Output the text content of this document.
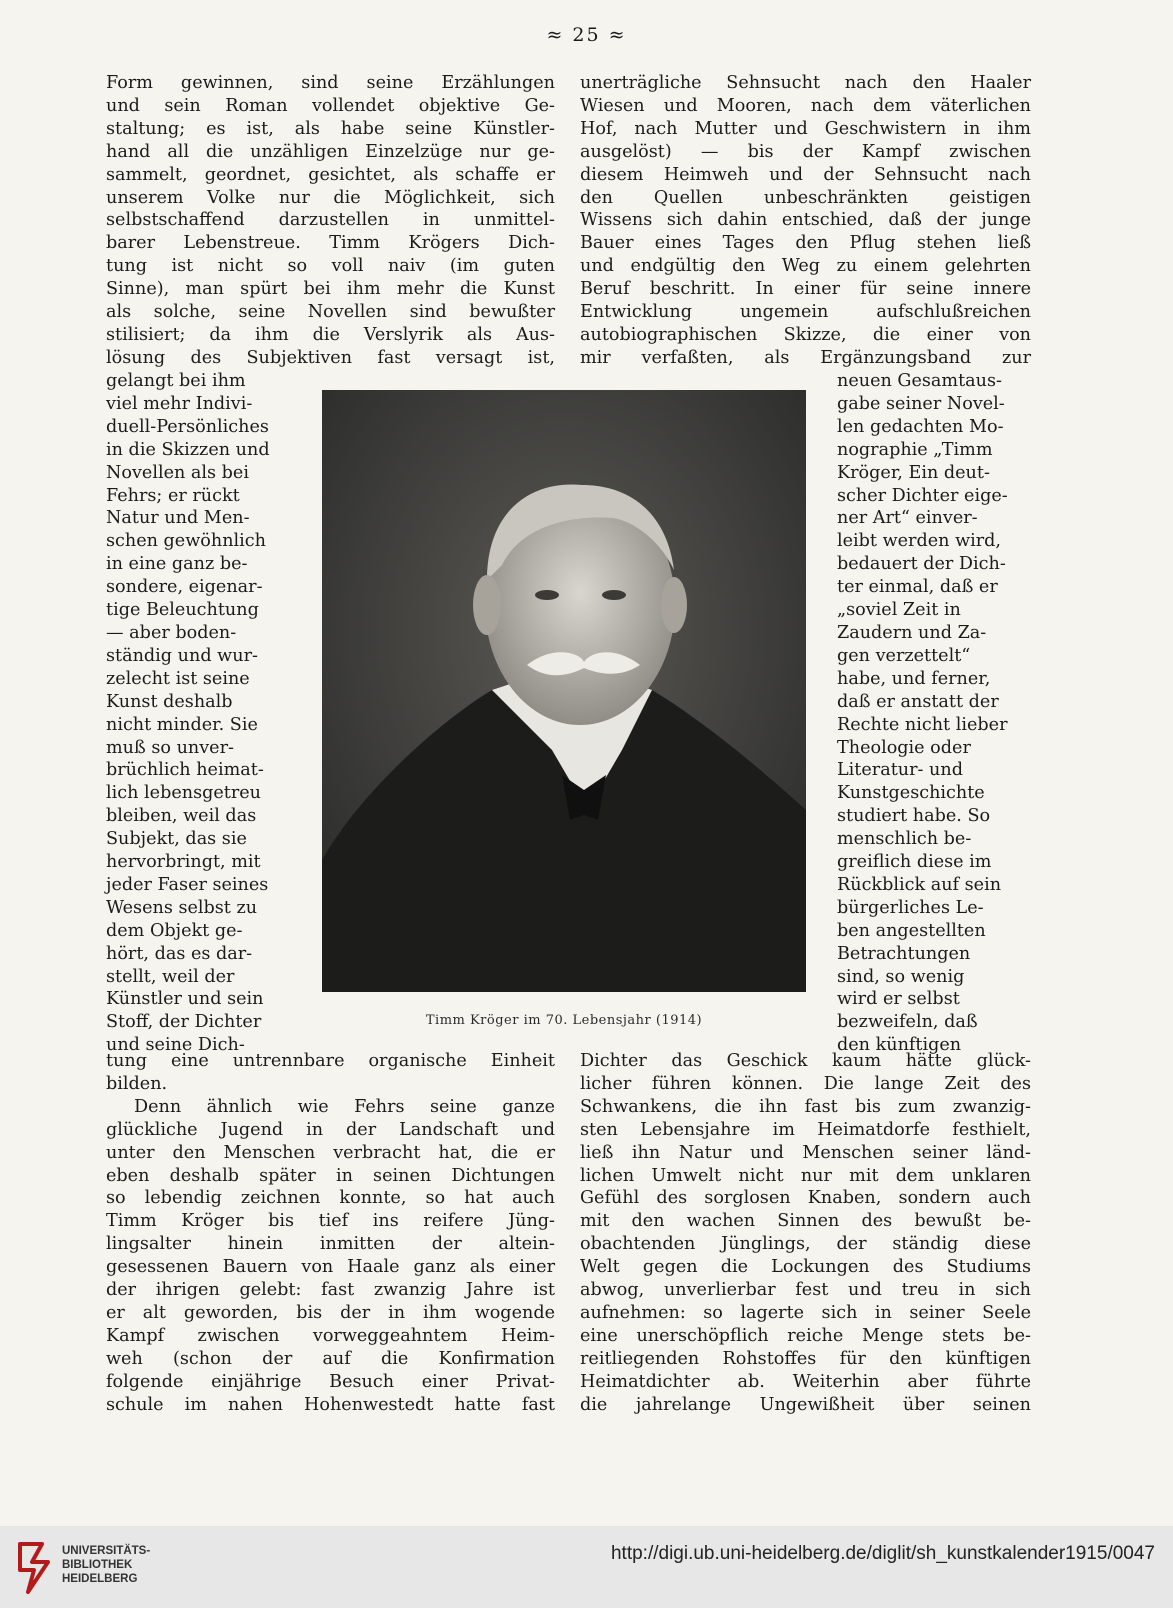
≈ 25 ≈

Form gewinnen, sind seine Erzählungen

und sein Roman vollendet objektive Ge-

staltung; es ist, als habe seine Künstler-

hand all die unzähligen Einzelzüge nur ge-

sammelt, geordnet, gesichtet, als schaffe er

unserem Volke nur die Möglichkeit, sich

selbstschaffend darzustellen in unmittel-

barer Lebenstreue. Timm Krögers Dich-

tung ist nicht so voll naiv (im guten

Sinne), man spürt bei ihm mehr die Kunst

als solche, seine Novellen sind bewußter

stilisiert; da ihm die Verslyrik als Aus-

lösung des Subjektiven fast versagt ist,

unerträgliche Sehnsucht nach den Haaler

Wiesen und Mooren, nach dem väterlichen

Hof, nach Mutter und Geschwistern in ihm

ausgelöst) — bis der Kampf zwischen

diesem Heimweh und der Sehnsucht nach

den Quellen unbeschränkten geistigen

Wissens sich dahin entschied, daß der junge

Bauer eines Tages den Pflug stehen ließ

und endgültig den Weg zu einem gelehrten

Beruf beschritt. In einer für seine innere

Entwicklung ungemein aufschlußreichen

autobiographischen Skizze, die einer von

mir verfaßten, als Ergänzungsband zur

gelangt bei ihm

viel mehr Indivi-

duell-Persönliches

in die Skizzen und

Novellen als bei

Fehrs; er rückt

Natur und Men-

schen gewöhnlich

in eine ganz be-

sondere, eigenar-

tige Beleuchtung

— aber boden-

ständig und wur-

zelecht ist seine

Kunst deshalb

nicht minder. Sie

muß so unver-

brüchlich heimat-

lich lebensgetreu

bleiben, weil das

Subjekt, das sie

hervorbringt, mit

jeder Faser seines

Wesens selbst zu

dem Objekt ge-

hört, das es dar-

stellt, weil der

Künstler und sein

Stoff, der Dichter

und seine Dich-

neuen Gesamtaus-

gabe seiner Novel-

len gedachten Mo-

nographie „Timm

Kröger, Ein deut-

scher Dichter eige-

ner Art“ einver-

leibt werden wird,

bedauert der Dich-

ter einmal, daß er

„soviel Zeit in

Zaudern und Za-

gen verzettelt“

habe, und ferner,

daß er anstatt der

Rechte nicht lieber

Theologie oder

Literatur- und

Kunstgeschichte

studiert habe. So

menschlich be-

greiflich diese im

Rückblick auf sein

bürgerliches Le-

ben angestellten

Betrachtungen

sind, so wenig

wird er selbst

bezweifeln, daß

den künftigen

tung eine untrennbare organische Einheit

bilden.

Denn ähnlich wie Fehrs seine ganze

glückliche Jugend in der Landschaft und

unter den Menschen verbracht hat, die er

eben deshalb später in seinen Dichtungen

so lebendig zeichnen konnte, so hat auch

Timm Kröger bis tief ins reifere Jüng-

lingsalter hinein inmitten der altein-

gesessenen Bauern von Haale ganz als einer

der ihrigen gelebt: fast zwanzig Jahre ist

er alt geworden, bis der in ihm wogende

Kampf zwischen vorweggeahntem Heim-

weh (schon der auf die Konfirmation

folgende einjährige Besuch einer Privat-

schule im nahen Hohenwestedt hatte fast

Dichter das Geschick kaum hätte glück-

licher führen können. Die lange Zeit des

Schwankens, die ihn fast bis zum zwanzig-

sten Lebensjahre im Heimatdorfe festhielt,

ließ ihn Natur und Menschen seiner länd-

lichen Umwelt nicht nur mit dem unklaren

Gefühl des sorglosen Knaben, sondern auch

mit den wachen Sinnen des bewußt be-

obachtenden Jünglings, der ständig diese

Welt gegen die Lockungen des Studiums

abwog, unverlierbar fest und treu in sich

aufnehmen: so lagerte sich in seiner Seele

eine unerschöpflich reiche Menge stets be-

reitliegenden Rohstoffes für den künftigen

Heimatdichter ab. Weiterhin aber führte

die jahrelange Ungewißheit über seinen

Timm Kröger im 70. Lebensjahr (1914)
UNIVERSITÄTS-
BIBLIOTHEK
HEIDELBERG
http://digi.ub.uni-heidelberg.de/diglit/sh_kunstkalender1915/0047
